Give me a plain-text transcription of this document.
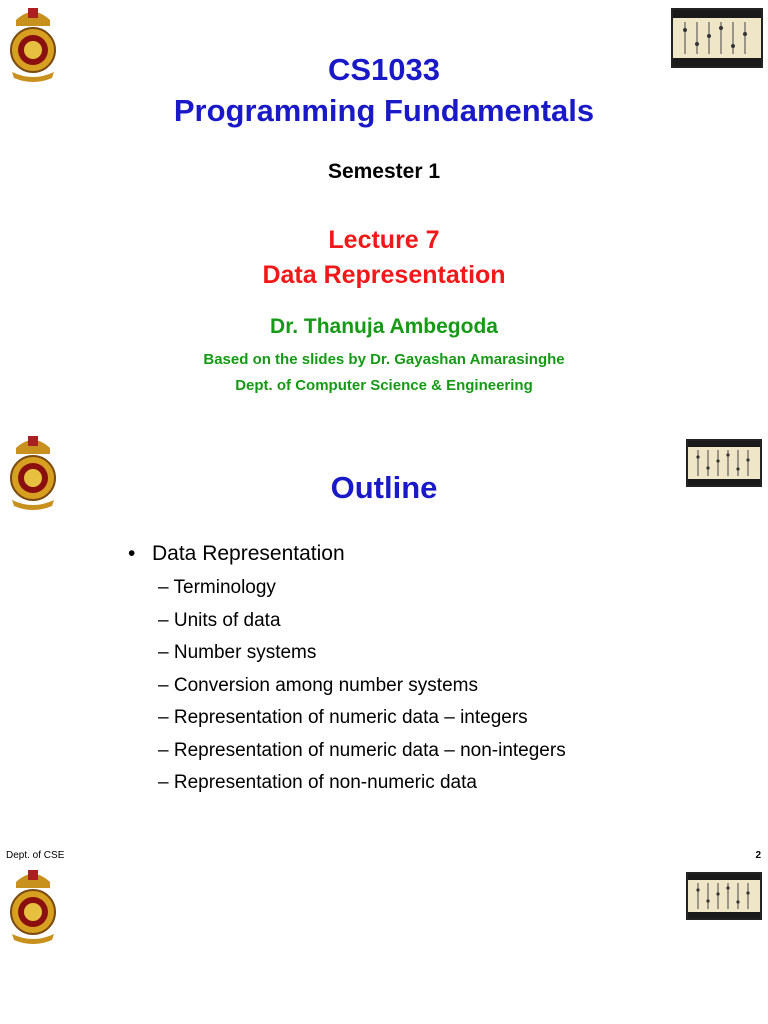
CS1033
Programming Fundamentals
Semester 1
Lecture 7
Data Representation
Dr. Thanuja Ambegoda
Based on the slides by Dr. Gayashan Amarasinghe
Dept. of Computer Science & Engineering
Outline
• Data Representation
– Terminology
– Units of data
– Number systems
– Conversion among number systems
– Representation of numeric data – integers
– Representation of numeric data – non-integers
– Representation of non-numeric data
Dept. of CSE	2
